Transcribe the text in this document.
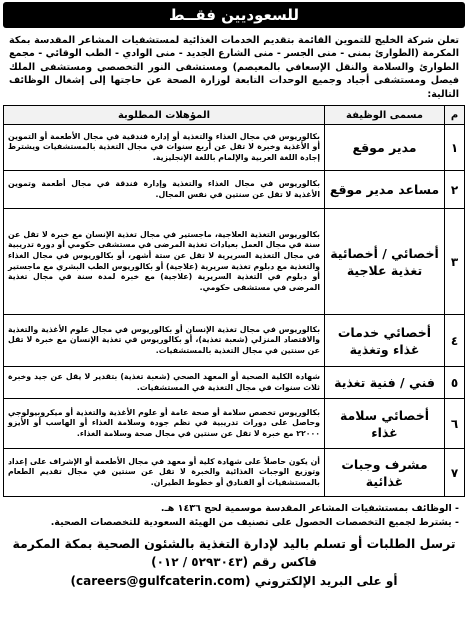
للسعوديين فقــط
تعلن شركة الخليج للتموين القائمة بتقديم الخدمات الغذائية لمستشفيات المشاعر المقدسة بمكة المكرمة (الطوارئ بمنى - منى الجسر - منى الشارع الجديد - منى الوادي - الطب الوقائي - مجمع الطوارئ والسلامة والنقل الإسعافي بالمعيصم) ومستشفى النور التخصصي ومستشفى الملك فيصل ومستشفى أجياد وجميع الوحدات التابعة لوزارة الصحة عن حاجتها إلى إشغال الوظائف التالية:
م	مسمى الوظيفة	المؤهلات المطلوبة
١	مدير موقع	بكالوريوس في مجال الغذاء والتغذية أو إدارة فندقية في مجال الأطعمة أو التموين أو الأغذية وخبرة لا تقل عن أربع سنوات في مجال التغذية بالمستشفيات ويشترط إجادة اللغة العربية والإلمام باللغة الإنجليزية.
٢	مساعد مدير موقع	بكالوريوس في مجال الغذاء والتغذية وإدارة فندقة في مجال أطعمة وتموين الأغذية لا تقل عن سنتين في نفس المجال.
٣	أخصائي / أخصائية تغذية علاجية	بكالوريوس التغذية العلاجية، ماجستير في مجال تغذية الإنسان مع خبرة لا تقل عن سنة في مجال العمل بعيادات تغذية المرضى في مستشفى حكومي أو دورة تدريبية في مجال التغذية السريرية لا تقل عن ستة أشهر، أو بكالوريوس في مجال الغذاء والتغذية مع دبلوم تغذية سريرية (علاجية) أو بكالوريوس الطب البشري مع ماجستير أو دبلوم في التغذية السريرية (علاجية) مع خبرة لمدة سنة في مجال تغذية المرضى في مستشفى حكومي.
٤	أخصائي خدمات غذاء وتغذية	بكالوريوس في مجال تغذية الإنسان أو بكالوريوس في مجال علوم الأغذية والتغذية والاقتصاد المنزلي (شعبة تغذية)، أو بكالوريوس في تغذية الإنسان مع خبرة لا تقل عن سنتين في مجال التغذية بالمستشفيات.
٥	فني / فنية تغذية	شهادة الكلية الصحية أو المعهد الصحي (شعبة تغذية) بتقدير لا يقل عن جيد وخبرة ثلاث سنوات في مجال التغذية في المستشفيات.
٦	أخصائي سلامة غذاء	بكالوريوس تخصص سلامة أو صحة عامة أو علوم الأغذية والتغذية أو ميكروبيولوجي وحاصل على دورات تدريبية في نظم جودة وسلامة الغذاء أو الهاسب أو الأيزو ٢٢٠٠٠ مع خبرة لا تقل عن سنتين في مجال صحة وسلامة الغذاء.
٧	مشرف وجبات غذائية	أن يكون حاصلاً على شهادة كلية أو معهد في مجال الأطعمة أو الإشراف على إعداد وتوزيع الوجبات الغذائية والخبرة لا تقل عن سنتين في مجال تقديم الطعام بالمستشفيات أو الفنادق أو خطوط الطيران.
- الوظائف بمستشفيات المشاعر المقدسة موسمية لحج ١٤٣٦ هـ.
- يشترط لجميع التخصصات الحصول على تصنيف من الهيئة السعودية للتخصصات الصحية.
ترسل الطلبات أو تسلم باليد لإدارة التغذية بالشئون الصحية بمكة المكرمة
فاكس رقم (٥٢٩٣٠٤٣ / ٠١٢)
أو على البريد الإلكتروني (careers@gulfcaterin.com)
